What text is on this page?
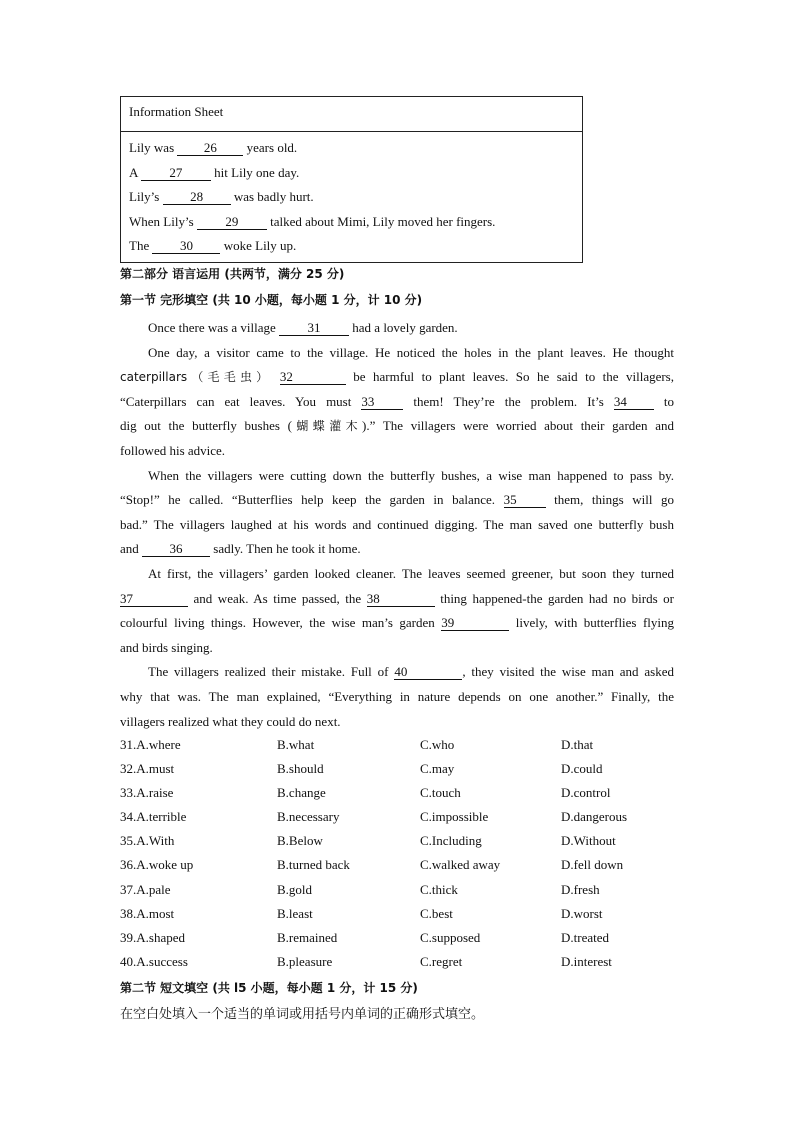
Information Sheet
Lily was 26 years old.
A 27 hit Lily one day.
Lily’s 28 was badly hurt.
When Lily’s 29 talked about Mimi, Lily moved her fingers.
The 30 woke Lily up.
第二部分 语言运用 (共两节，满分 25 分)
第一节 完形填空 (共 10 小题，每小题 1 分，计 10 分)
Once there was a village 31 had a lovely garden.
One day, a visitor came to the village. He noticed the holes in the plant leaves. He thought
caterpillars（毛毛虫） 32	be harmful to plant leaves. So he said to the villagers,
“Caterpillars can eat leaves. You must 33	them! They’re the problem. It’s 34	to
dig out the butterfly bushes (蝴蝶灌木).” The villagers were worried about their garden and
followed his advice.
When the villagers were cutting down the butterfly bushes, a wise man happened to pass by.
“Stop!” he called. “Butterflies help keep the garden in balance. 35	them, things will go
bad.” The villagers laughed at his words and continued digging. The man saved one butterfly bush
and 36 sadly. Then he took it home.
At first, the villagers’ garden looked cleaner. The leaves seemed greener, but soon they turned
37	and weak. As time passed, the 38	thing happened-the garden had no birds or
colourful living things. However, the wise man’s garden 39	lively, with butterflies flying
and birds singing.
The villagers realized their mistake. Full of 40	, they visited the wise man and asked
why that was. The man explained, “Everything in nature depends on one another.” Finally, the
villagers realized what they could do next.
31.A.where	B.what	C.who	D.that
32.A.must	B.should	C.may	D.could
33.A.raise	B.change	C.touch	D.control
34.A.terrible	B.necessary	C.impossible	D.dangerous
35.A.With	B.Below	C.Including	D.Without
36.A.woke up	B.turned back	C.walked away	D.fell down
37.A.pale	B.gold	C.thick	D.fresh
38.A.most	B.least	C.best	D.worst
39.A.shaped	B.remained	C.supposed	D.treated
40.A.success	B.pleasure	C.regret	D.interest
第二节 短文填空 (共 l5 小题，每小题 1 分，计 15 分)
在空白处填入一个适当的单词或用括号内单词的正确形式填空。
